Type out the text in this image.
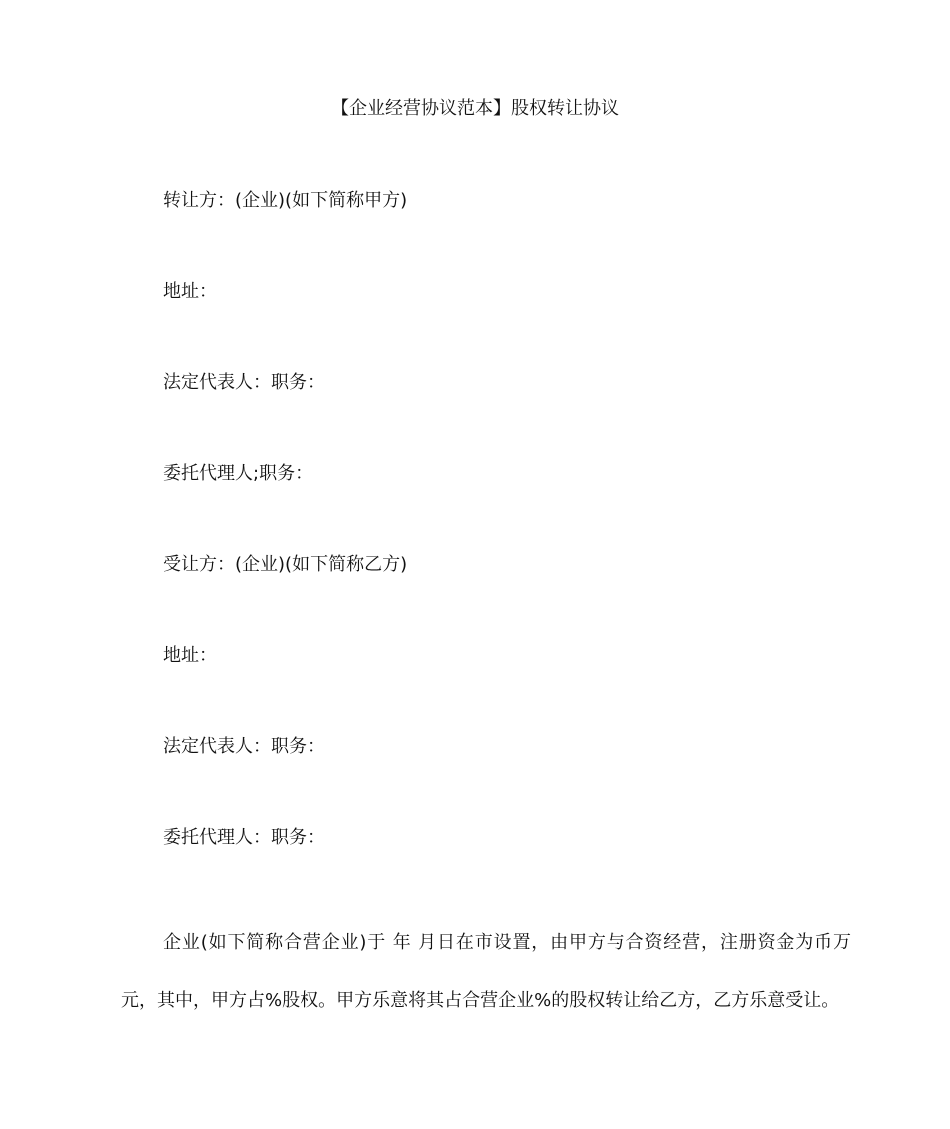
【企业经营协议范本】股权转让协议
转让方：(企业)(如下简称甲方)
地址：
法定代表人：职务：
委托代理人;职务：
受让方：(企业)(如下简称乙方)
地址：
法定代表人：职务：
委托代理人：职务：

企业(如下简称合营企业)于 年 月日在市设置，由甲方与合资经营，注册资金为币万元，其中，甲方占%股权。甲方乐意将其占合营企业%的股权转让给乙方，乙方乐意受让。
